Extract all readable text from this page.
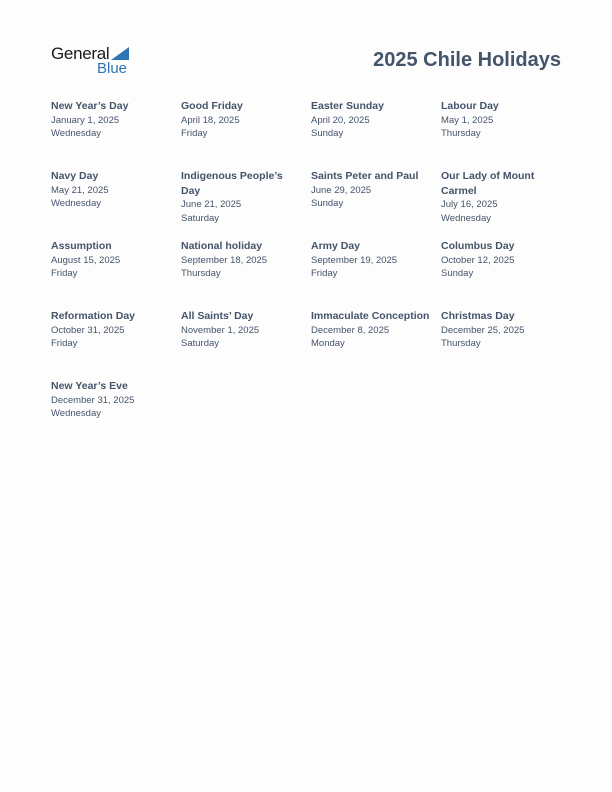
General
Blue	2025 Chile Holidays
New Year’s Day
January 1, 2025
Wednesday
Good Friday
April 18, 2025
Friday
Easter Sunday
April 20, 2025
Sunday
Labour Day
May 1, 2025
Thursday
Navy Day
May 21, 2025
Wednesday
Indigenous People’s Day
June 21, 2025
Saturday
Saints Peter and Paul
June 29, 2025
Sunday
Our Lady of Mount Carmel
July 16, 2025
Wednesday
Assumption
August 15, 2025
Friday
National holiday
September 18, 2025
Thursday
Army Day
September 19, 2025
Friday
Columbus Day
October 12, 2025
Sunday
Reformation Day
October 31, 2025
Friday
All Saints’ Day
November 1, 2025
Saturday
Immaculate Conception
December 8, 2025
Monday
Christmas Day
December 25, 2025
Thursday
New Year’s Eve
December 31, 2025
Wednesday
